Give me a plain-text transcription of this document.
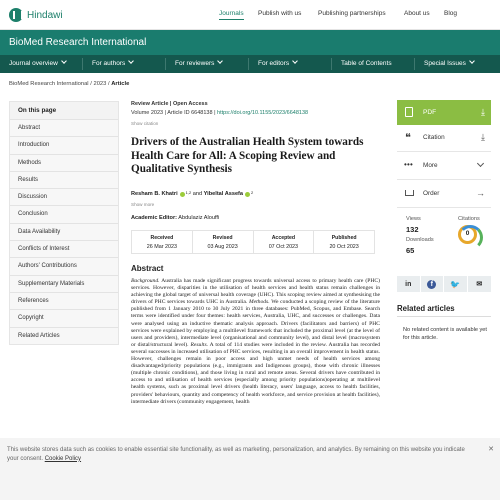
Hindawi	Journals Publish with us	Publishing partnerships	About us Blog
BioMed Research International
Journal overview	For authors	For reviewers	For editors	Table of Contents	Special Issues
BioMed Research International / 2023 / Article
On this page
Abstract
Introduction
Methods
Results
Discussion
Conclusion
Data Availability
Conflicts of Interest
Authors' Contributions
Supplementary Materials
References
Copyright
Related Articles
Review Article | Open Access
Volume 2023 | Article ID 6648138 | https://doi.org/10.1155/2023/6648138
Show citation
Drivers of the Australian Health System towards Health Care for All: A Scoping Review and Qualitative Synthesis
Resham B. Khatri 1,2 and Yibeltal Assefa 2
Show more
Academic Editor: Abdulaziz Alouffi
Received
26 Mar 2023
Revised
03 Aug 2023
Accepted
07 Oct 2023
Published
20 Oct 2023
Abstract
Background. Australia has made significant progress towards universal access to primary health care (PHC) services. However, disparities in the utilisation of health services and health status remain challenges in achieving the global target of universal health coverage (UHC). This scoping review aimed at synthesising the drivers of PHC services towards UHC in Australia. Methods. We conducted a scoping review of the literature published from 1 January 2010 to 30 July 2021 in three databases: PubMed, Scopus, and Embase. Search terms were identified under four themes: health services, Australia, UHC, and successes or challenges. Data were analysed using an inductive thematic analysis approach. Drivers (facilitators and barriers) of PHC services were explained by employing a multilevel framework that included the proximal level (at the level of users and providers), intermediate level (organisational and community level), and distal level (macrosystem or distal/structural level). Results. A total of 114 studies were included in the review. Australia has recorded several successes in increased utilisation of PHC services, resulting in an overall improvement in health status. However, challenges remain in poor access and high unmet needs of health services among disadvantaged/priority populations (e.g., immigrants and Indigenous groups), those with chronic illnesses (multiple chronic conditions), and those living in rural and remote areas. Several drivers have contributed in access to and utilisation of health services (especially among priority populations)operating at multilevel health systems, such as proximal level drivers (health literacy, users' language, access to health facilities, providers' behaviours, quantity and competency of health workforce, and service provision at health facilities), intermediate drivers (community engagement, health
PDF	⤓
❝ Citation	⤓
• • • More
Order	→
Views
132
Downloads
65
Citations
0
in	f	🐦 ✉
Related articles
No related content is available yet for this article.
This website stores data such as cookies to enable essential site functionality, as well as marketing, personalization, and analytics. By remaining on this website you indicate your consent. Cookie Policy
✕
